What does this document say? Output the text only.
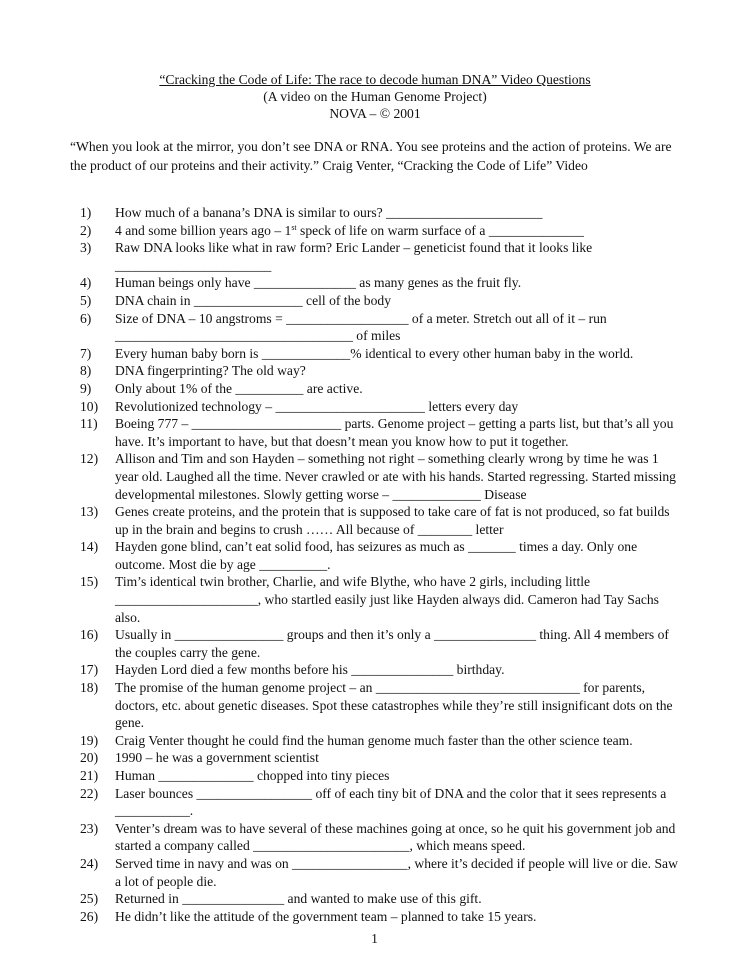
“Cracking the Code of Life: The race to decode human DNA” Video Questions
(A video on the Human Genome Project)
NOVA – © 2001
“When you look at the mirror, you don’t see DNA or RNA. You see proteins and the action of proteins. We are the product of our proteins and their activity.” Craig Venter, “Cracking the Code of Life” Video
1) How much of a banana’s DNA is similar to ours? _______________________
2) 4 and some billion years ago – 1st speck of life on warm surface of a ______________
3) Raw DNA looks like what in raw form? Eric Lander – geneticist found that it looks like _______________________
4) Human beings only have _______________ as many genes as the fruit fly.
5) DNA chain in ________________ cell of the body
6) Size of DNA – 10 angstroms = __________________ of a meter. Stretch out all of it – run ___________________________________ of miles
7) Every human baby born is _____________% identical to every other human baby in the world.
8) DNA fingerprinting? The old way?
9) Only about 1% of the __________ are active.
10) Revolutionized technology – ______________________ letters every day
11) Boeing 777 – ______________________ parts. Genome project – getting a parts list, but that’s all you have. It’s important to have, but that doesn’t mean you know how to put it together.
12) Allison and Tim and son Hayden – something not right – something clearly wrong by time he was 1 year old. Laughed all the time. Never crawled or ate with his hands. Started regressing. Started missing developmental milestones. Slowly getting worse – _____________ Disease
13) Genes create proteins, and the protein that is supposed to take care of fat is not produced, so fat builds up in the brain and begins to crush …… All because of ________ letter
14) Hayden gone blind, can’t eat solid food, has seizures as much as _______ times a day. Only one outcome. Most die by age __________.
15) Tim’s identical twin brother, Charlie, and wife Blythe, who have 2 girls, including little _____________________, who startled easily just like Hayden always did. Cameron had Tay Sachs also.
16) Usually in ________________ groups and then it’s only a _______________ thing. All 4 members of the couples carry the gene.
17) Hayden Lord died a few months before his _______________ birthday.
18) The promise of the human genome project – an ______________________________ for parents, doctors, etc. about genetic diseases. Spot these catastrophes while they’re still insignificant dots on the gene.
19) Craig Venter thought he could find the human genome much faster than the other science team.
20) 1990 – he was a government scientist
21) Human ______________ chopped into tiny pieces
22) Laser bounces _________________ off of each tiny bit of DNA and the color that it sees represents a ___________.
23) Venter’s dream was to have several of these machines going at once, so he quit his government job and started a company called _______________________, which means speed.
24) Served time in navy and was on _________________, where it’s decided if people will live or die. Saw a lot of people die.
25) Returned in _______________ and wanted to make use of this gift.
26) He didn’t like the attitude of the government team – planned to take 15 years.
1
